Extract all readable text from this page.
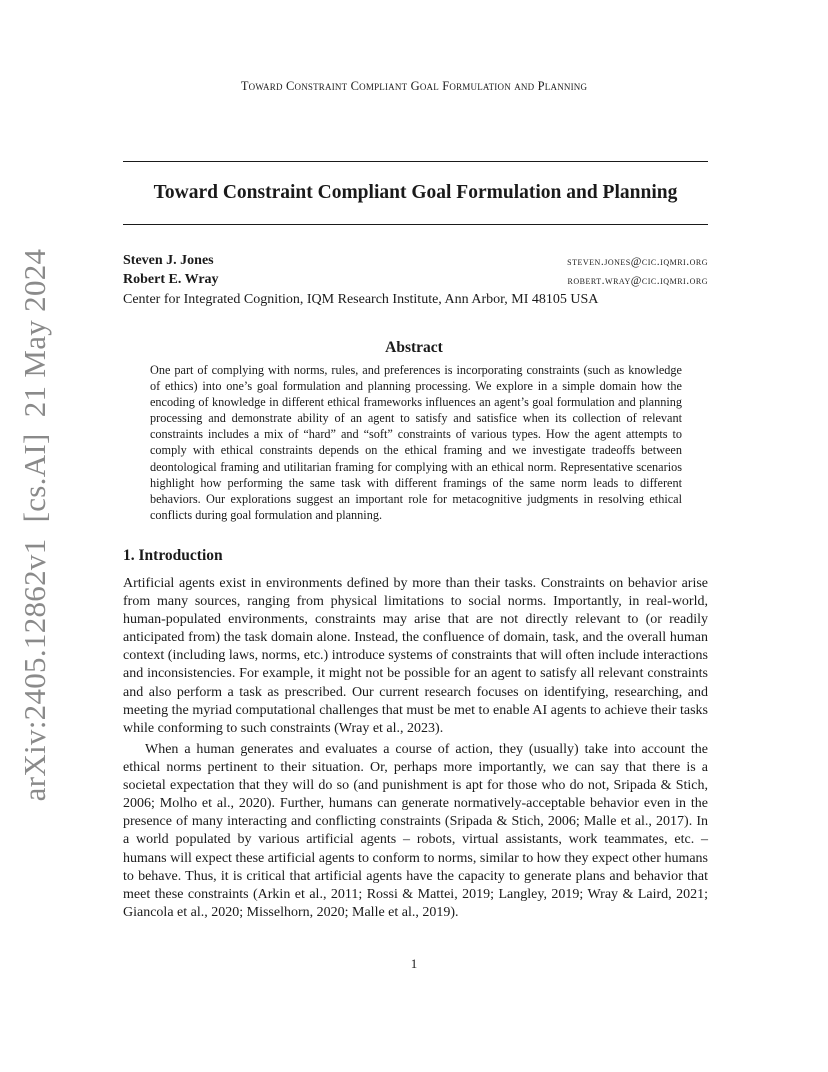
Toward Constraint Compliant Goal Formulation and Planning
Toward Constraint Compliant Goal Formulation and Planning
Steven J. Jones	steven.jones@cic.iqmri.org
Robert E. Wray	robert.wray@cic.iqmri.org
Center for Integrated Cognition, IQM Research Institute, Ann Arbor, MI 48105 USA
Abstract

One part of complying with norms, rules, and preferences is incorporating constraints (such as knowledge of ethics) into one’s goal formulation and planning processing. We explore in a simple domain how the encoding of knowledge in different ethical frameworks influences an agent’s goal formulation and planning processing and demonstrate ability of an agent to satisfy and satisfice when its collection of relevant constraints includes a mix of “hard” and “soft” constraints of various types. How the agent attempts to comply with ethical constraints depends on the ethical framing and we investigate tradeoffs between deontological framing and utilitarian framing for complying with an ethical norm. Representative scenarios highlight how performing the same task with different framings of the same norm leads to different behaviors. Our explorations suggest an important role for metacognitive judgments in resolving ethical conflicts during goal formulation and planning.

1. Introduction

Artificial agents exist in environments defined by more than their tasks. Constraints on behavior arise from many sources, ranging from physical limitations to social norms. Importantly, in real-world, human-populated environments, constraints may arise that are not directly relevant to (or readily anticipated from) the task domain alone. Instead, the confluence of domain, task, and the overall human context (including laws, norms, etc.) introduce systems of constraints that will often include interactions and inconsistencies. For example, it might not be possible for an agent to satisfy all relevant constraints and also perform a task as prescribed. Our current research focuses on identifying, researching, and meeting the myriad computational challenges that must be met to enable AI agents to achieve their tasks while conforming to such constraints (Wray et al., 2023).

When a human generates and evaluates a course of action, they (usually) take into account the ethical norms pertinent to their situation. Or, perhaps more importantly, we can say that there is a societal expectation that they will do so (and punishment is apt for those who do not, Sripada & Stich, 2006; Molho et al., 2020). Further, humans can generate normatively-acceptable behavior even in the presence of many interacting and conflicting constraints (Sripada & Stich, 2006; Malle et al., 2017). In a world populated by various artificial agents – robots, virtual assistants, work teammates, etc. – humans will expect these artificial agents to conform to norms, similar to how they expect other humans to behave. Thus, it is critical that artificial agents have the capacity to generate plans and behavior that meet these constraints (Arkin et al., 2011; Rossi & Mattei, 2019; Langley, 2019; Wray & Laird, 2021; Giancola et al., 2020; Misselhorn, 2020; Malle et al., 2019).

1
arXiv:2405.12862v1  [cs.AI]  21 May 2024
